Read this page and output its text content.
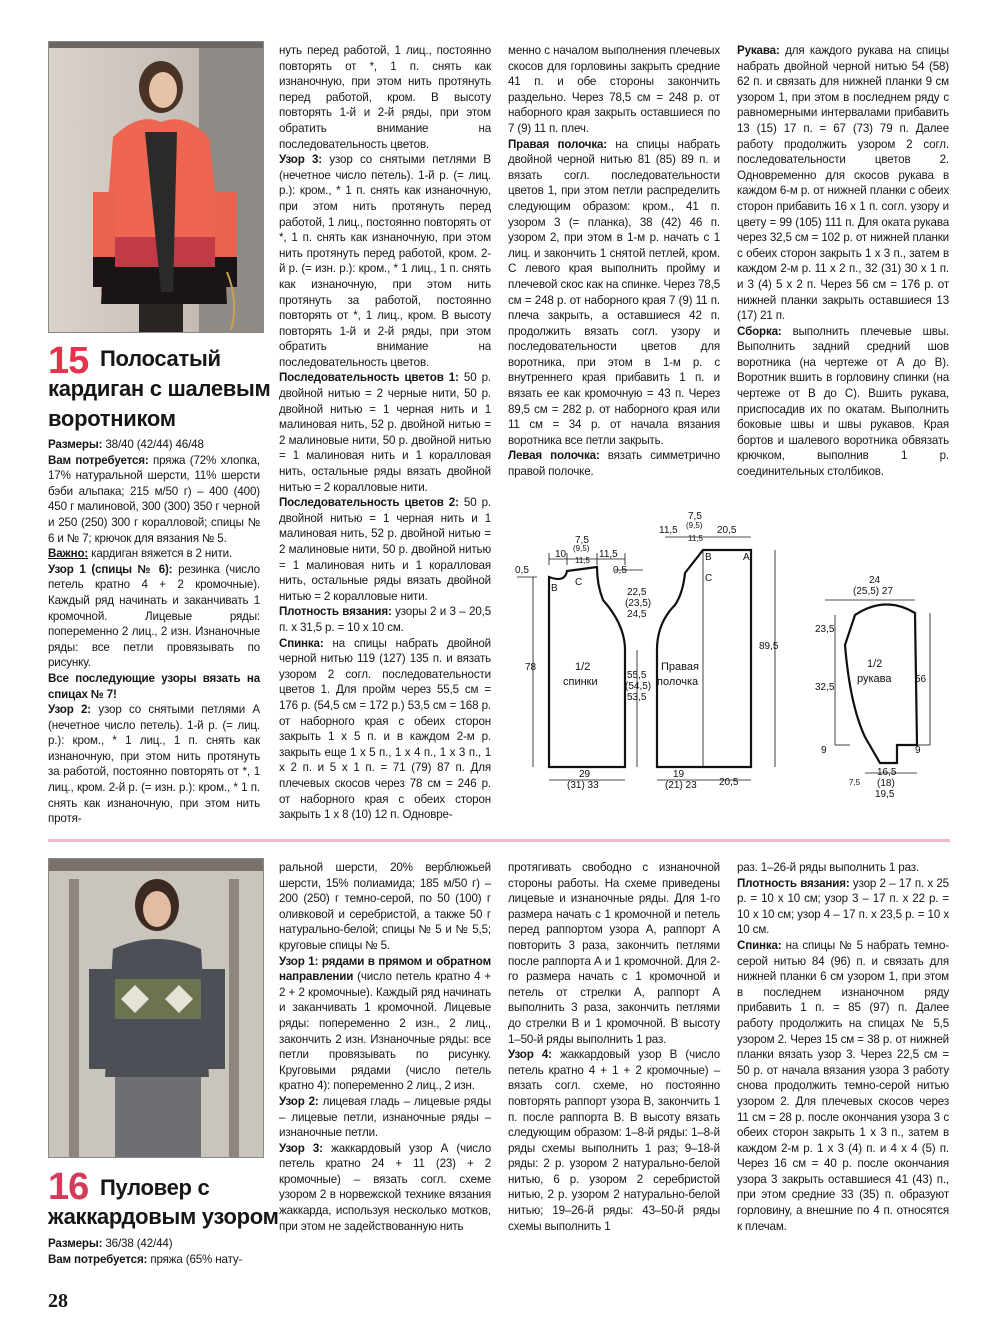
15 Полосатый
кардиган с шалевым
воротником

Размеры: 38/40 (42/44) 46/48

Вам потребуется: пряжа (72% хлопка, 17% натуральной шерсти, 11% шерсти бэби альпака; 215 м/50 г) – 400 (400) 450 г малиновой, 300 (300) 350 г черной и 250 (250) 300 г коралловой; спицы № 6 и № 7; крючок для вязания № 5.

Важно: кардиган вяжется в 2 нити.

Узор 1 (спицы № 6): резинка (число петель кратно 4 + 2 кромочные). Каждый ряд начинать и заканчивать 1 кромочной. Лицевые ряды: попеременно 2 лиц., 2 изн. Изнаночные ряды: все петли провязывать по рисунку.

Все последующие узоры вязать на спицах № 7!

Узор 2: узор со снятыми петлями А (нечетное число петель). 1-й р. (= лиц. р.): кром., * 1 лиц., 1 п. снять как изнаночную, при этом нить протянуть за работой, постоянно повторять от *, 1 лиц., кром. 2-й р. (= изн. р.): кром., * 1 п. снять как изнаночную, при этом нить протя-

нуть перед работой, 1 лиц., постоянно повторять от *, 1 п. снять как изнаночную, при этом нить протянуть перед работой, кром. В высоту повторять 1-й и 2-й ряды, при этом обратить внимание на последовательность цветов.

Узор 3: узор со снятыми петлями В (нечетное число петель). 1-й р. (= лиц. р.): кром., * 1 п. снять как изнаночную, при этом нить протянуть перед работой, 1 лиц., постоянно повторять от *, 1 п. снять как изнаночную, при этом нить протянуть перед работой, кром. 2-й р. (= изн. р.): кром., * 1 лиц., 1 п. снять как изнаночную, при этом нить протянуть за работой, постоянно повторять от *, 1 лиц., кром. В высоту повторять 1-й и 2-й ряды, при этом обратить внимание на последовательность цветов.

Последовательность цветов 1: 50 р. двойной нитью = 2 черные нити, 50 р. двойной нитью = 1 черная нить и 1 малиновая нить, 52 р. двойной нитью = 2 малиновые нити, 50 р. двойной нитью = 1 малиновая нить и 1 коралловая нить, остальные ряды вязать двойной нитью = 2 коралловые нити.

Последовательность цветов 2: 50 р. двойной нитью = 1 черная нить и 1 малиновая нить, 52 р. двойной нитью = 2 малиновые нити, 50 р. двойной нитью = 1 малиновая нить и 1 коралловая нить, остальные ряды вязать двойной нитью = 2 коралловые нити.

Плотность вязания: узоры 2 и 3 – 20,5 п. х 31,5 р. = 10 х 10 см.

Спинка: на спицы набрать двойной черной нитью 119 (127) 135 п. и вязать узором 2 согл. последовательности цветов 1. Для пройм через 55,5 см = 176 р. (54,5 см = 172 р.) 53,5 см = 168 р. от наборного края с обеих сторон закрыть 1 х 5 п. и в каждом 2-м р. закрыть еще 1 х 5 п., 1 х 4 п., 1 х 3 п., 1 х 2 п. и 5 х 1 п. = 71 (79) 87 п. Для плечевых скосов через 78 см = 246 р. от наборного края с обеих сторон закрыть 1 х 8 (10) 12 п. Одновре-

менно с началом выполнения плечевых скосов для горловины закрыть средние 41 п. и обе стороны закончить раздельно. Через 78,5 см = 248 р. от наборного края закрыть оставшиеся по 7 (9) 11 п. плеч.

Правая полочка: на спицы набрать двойной черной нитью 81 (85) 89 п. и вязать согл. последовательности цветов 1, при этом петли распределить следующим образом: кром., 41 п. узором 3 (= планка), 38 (42) 46 п. узором 2, при этом в 1-м р. начать с 1 лиц. и закончить 1 снятой петлей, кром. С левого края выполнить пройму и плечевой скос как на спинке. Через 78,5 см = 248 р. от наборного края 7 (9) 11 п. плеча закрыть, а оставшиеся 42 п. продолжить вязать согл. узору и последовательности цветов для воротника, при этом в 1-м р. с внутреннего края прибавить 1 п. и вязать ее как кромочную = 43 п. Через 89,5 см = 282 р. от наборного края или 11 см = 34 р. от начала вязания воротника все петли закрыть.

Левая полочка: вязать симметрично правой полочке.

Рукава: для каждого рукава на спицы набрать двойной черной нитью 54 (58) 62 п. и связать для нижней планки 9 см узором 1, при этом в последнем ряду с равномерными интервалами прибавить 13 (15) 17 п. = 67 (73) 79 п. Далее работу продолжить узором 2 согл. последовательности цветов 2. Одновременно для скосов рукава в каждом 6-м р. от нижней планки с обеих сторон прибавить 16 х 1 п. согл. узору и цвету = 99 (105) 111 п. Для оката рукава через 32,5 см = 102 р. от нижней планки с обеих сторон закрыть 1 х 3 п., затем в каждом 2-м р. 11 х 2 п., 32 (31) 30 х 1 п. и 3 (4) 5 х 2 п. Через 56 см = 176 р. от нижней планки закрыть оставшиеся 13 (17) 21 п.

Сборка: выполнить плечевые швы. Выполнить задний средний шов воротника (на чертеже от А до В). Воротник вшить в горловину спинки (на чертеже от В до С). Вшить рукава, приспосадив их по окатам. Выполнить боковые швы и швы рукавов. Края бортов и шалевого воротника обвязать крючком, выполнив 1 р. соединительных столбиков.

10
7,5
(9,5)
11,5
11,5
0,5	0,5
B
C
22,5
(23,5)
24,5
78	1/2
спинки
55,5
(54,5)
53,5
29
(31) 33
11,5
7,5
(9,5)
11,5
20,5
B	A
C
Правая
полочка
89,5
19
(21) 23 20,5
24
(25,5) 27
23,5
32,5
1/2
рукава 56
9	9
7,5
16,5
(18)
19,5
16 Пуловер с
жаккардовым узором

Размеры: 36/38 (42/44)

Вам потребуется: пряжа (65% нату-

ральной шерсти, 20% верблюжьей шерсти, 15% полиамида; 185 м/50 г) – 200 (250) г темно-серой, по 50 (100) г оливковой и серебристой, а также 50 г натурально-белой; спицы № 5 и № 5,5; круговые спицы № 5.

Узор 1: рядами в прямом и обратном направлении (число петель кратно 4 + 2 + 2 кромочные). Каждый ряд начинать и заканчивать 1 кромочной. Лицевые ряды: попеременно 2 изн., 2 лиц., закончить 2 изн. Изнаночные ряды: все петли провязывать по рисунку. Круговыми рядами (число петель кратно 4): попеременно 2 лиц., 2 изн.

Узор 2: лицевая гладь – лицевые ряды – лицевые петли, изнаночные ряды – изнаночные петли.

Узор 3: жаккардовый узор А (число петель кратно 24 + 11 (23) + 2 кромочные) – вязать согл. схеме узором 2 в норвежской технике вязания жаккарда, используя несколько мотков, при этом не задействованную нить

протягивать свободно с изнаночной стороны работы. На схеме приведены лицевые и изнаночные ряды. Для 1-го размера начать с 1 кромочной и петель перед раппортом узора А, раппорт А повторить 3 раза, закончить петлями после раппорта А и 1 кромочной. Для 2-го размера начать с 1 кромочной и петель от стрелки А, раппорт А выполнить 3 раза, закончить петлями до стрелки В и 1 кромочной. В высоту 1–50-й ряды выполнить 1 раз.

Узор 4: жаккардовый узор В (число петель кратно 4 + 1 + 2 кромочные) – вязать согл. схеме, но постоянно повторять раппорт узора В, закончить 1 п. после раппорта В. В высоту вязать следующим образом: 1–8-й ряды: 1–8-й ряды схемы выполнить 1 раз; 9–18-й ряды: 2 р. узором 2 натурально-белой нитью, 6 р. узором 2 серебристой нитью, 2 р. узором 2 натурально-белой нитью; 19–26-й ряды: 43–50-й ряды схемы выполнить 1

раз. 1–26-й ряды выполнить 1 раз.

Плотность вязания: узор 2 – 17 п. х 25 р. = 10 х 10 см; узор 3 – 17 п. х 22 р. = 10 х 10 см; узор 4 – 17 п. х 23,5 р. = 10 х 10 см.

Спинка: на спицы № 5 набрать темно-серой нитью 84 (96) п. и связать для нижней планки 6 см узором 1, при этом в последнем изнаночном ряду прибавить 1 п. = 85 (97) п. Далее работу продолжить на спицах № 5,5 узором 2. Через 15 см = 38 р. от нижней планки вязать узор 3. Через 22,5 см = 50 р. от начала вязания узора 3 работу снова продолжить темно-серой нитью узором 2. Для плечевых скосов через 11 см = 28 р. после окончания узора 3 с обеих сторон закрыть 1 х 3 п., затем в каждом 2-м р. 1 х 3 (4) п. и 4 х 4 (5) п. Через 16 см = 40 р. после окончания узора 3 закрыть оставшиеся 41 (43) п., при этом средние 33 (35) п. образуют горловину, а внешние по 4 п. относятся к плечам.

28
